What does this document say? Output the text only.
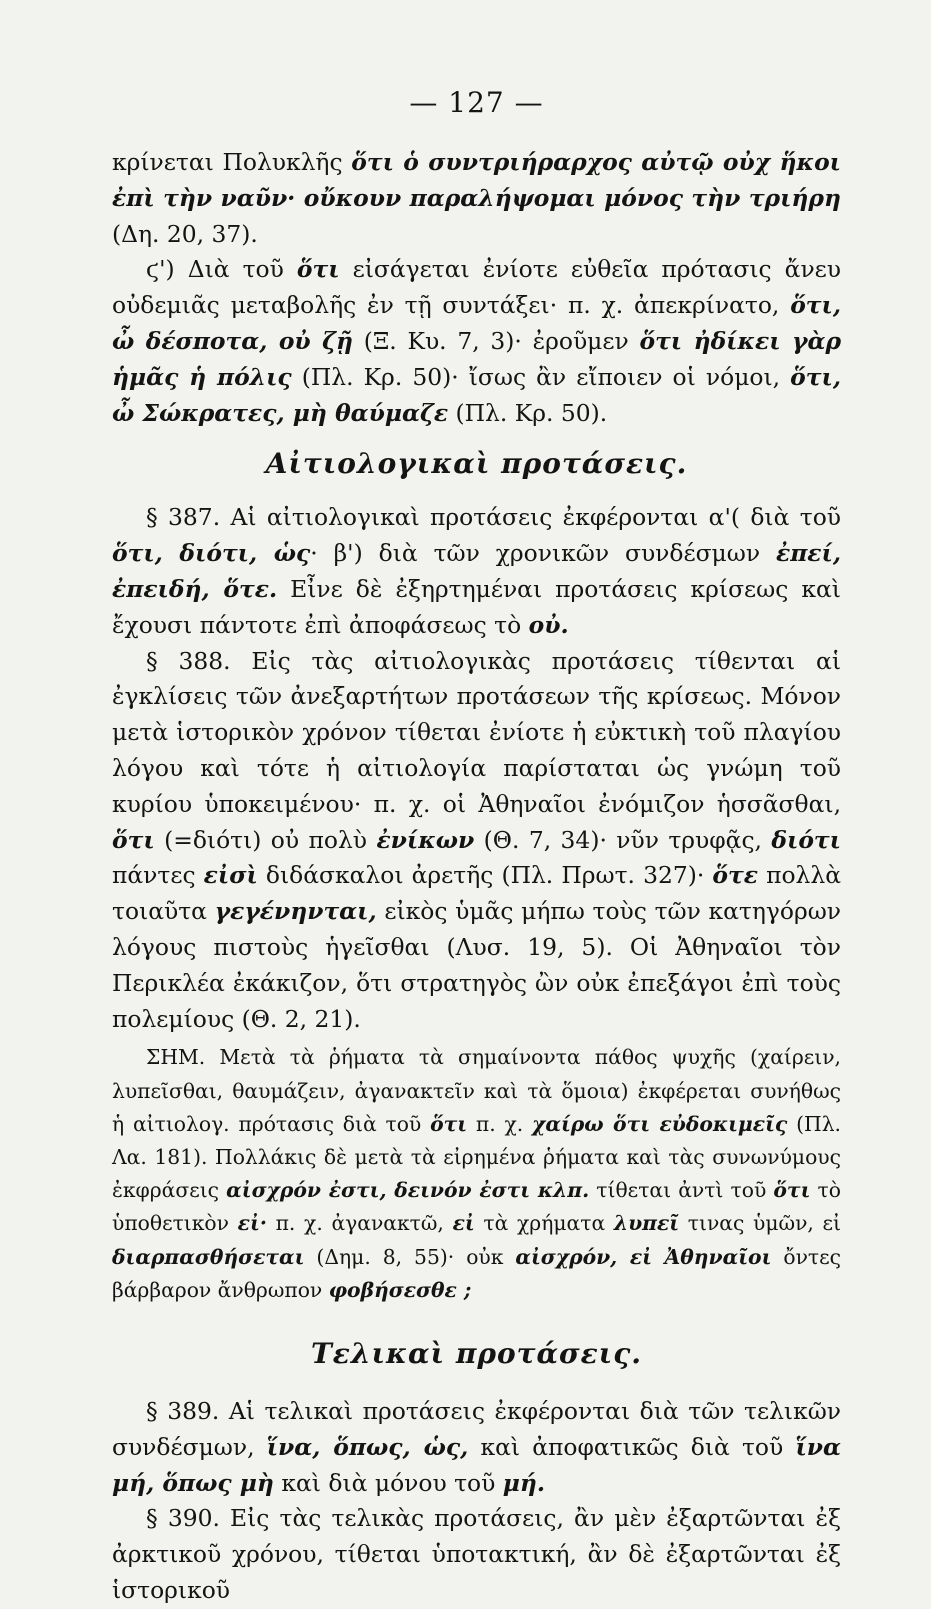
— 127 —

κρίνεται Πολυκλῆς ὅτι ὁ συντριήραρχος αὐτῷ οὐχ ἥκοι ἐπὶ τὴν ναῦν· οὔκουν παραλήψομαι μόνος τὴν τριήρη (Δη. 20, 37).

ϛ') Διὰ τοῦ ὅτι εἰσάγεται ἐνίοτε εὐθεῖα πρότασις ἄνευ οὐδεμιᾶς μεταβολῆς ἐν τῇ συντάξει· π. χ. ἀπεκρίνατο, ὅτι, ὦ δέσποτα, οὐ ζῇ (Ξ. Κυ. 7, 3)· ἐροῦμεν ὅτι ἠδίκει γὰρ ἡμᾶς ἡ πόλις (Πλ. Κρ. 50)· ἴσως ἂν εἴποιεν οἱ νόμοι, ὅτι, ὦ Σώκρατες, μὴ θαύμαζε (Πλ. Κρ. 50).

Αἰτιολογικαὶ προτάσεις.

§ 387. Αἱ αἰτιολογικαὶ προτάσεις ἐκφέρονται α'( διὰ τοῦ ὅτι, διότι, ὡς· β') διὰ τῶν χρονικῶν συνδέσμων ἐπεί, ἐπειδή, ὅτε. Εἶνε δὲ ἐξηρτημέναι προτάσεις κρίσεως καὶ ἔχουσι πάντοτε ἐπὶ ἀποφάσεως τὸ οὐ.

§ 388. Εἰς τὰς αἰτιολογικὰς προτάσεις τίθενται αἱ ἐγκλίσεις τῶν ἀνεξαρτήτων προτάσεων τῆς κρίσεως. Μόνον μετὰ ἱστορικὸν χρόνον τίθεται ἐνίοτε ἡ εὐκτικὴ τοῦ πλαγίου λόγου καὶ τότε ἡ αἰτιολογία παρίσταται ὡς γνώμη τοῦ κυρίου ὑποκειμένου· π. χ. οἱ Ἀθηναῖοι ἐνόμιζον ἡσσᾶσθαι, ὅτι (=διότι) οὐ πολὺ ἐνίκων (Θ. 7, 34)· νῦν τρυφᾷς, διότι πάντες εἰσὶ διδάσκαλοι ἀρετῆς (Πλ. Πρωτ. 327)· ὅτε πολλὰ τοιαῦτα γεγένηνται, εἰκὸς ὑμᾶς μήπω τοὺς τῶν κατηγόρων λόγους πιστοὺς ἡγεῖσθαι (Λυσ. 19, 5). Οἱ Ἀθηναῖοι τὸν Περικλέα ἐκάκιζον, ὅτι στρατηγὸς ὢν οὐκ ἐπεξάγοι ἐπὶ τοὺς πολεμίους (Θ. 2, 21).

ΣΗΜ. Μετὰ τὰ ῥήματα τὰ σημαίνοντα πάθος ψυχῆς (χαίρειν, λυπεῖσθαι, θαυμάζειν, ἀγανακτεῖν καὶ τὰ ὅμοια) ἐκφέρεται συνήθως ἡ αἰτιολογ. πρότασις διὰ τοῦ ὅτι π. χ. χαίρω ὅτι εὐδοκιμεῖς (Πλ. Λα. 181). Πολλάκις δὲ μετὰ τὰ εἰρημένα ῥήματα καὶ τὰς συνωνύμους ἐκφράσεις αἰσχρόν ἐστι, δεινόν ἐστι κλπ. τίθεται ἀντὶ τοῦ ὅτι τὸ ὑποθετικὸν εἰ· π. χ. ἀγανακτῶ, εἰ τὰ χρήματα λυπεῖ τινας ὑμῶν, εἰ διαρπασθήσεται (Δημ. 8, 55)· οὐκ αἰσχρόν, εἰ Ἀθηναῖοι ὄντες βάρβαρον ἄνθρωπον φοβήσεσθε ;

Τελικαὶ προτάσεις.

§ 389. Αἱ τελικαὶ προτάσεις ἐκφέρονται διὰ τῶν τελικῶν συνδέσμων, ἵνα, ὅπως, ὡς, καὶ ἀποφατικῶς διὰ τοῦ ἵνα μή, ὅπως μὴ καὶ διὰ μόνου τοῦ μή.

§ 390. Εἰς τὰς τελικὰς προτάσεις, ἂν μὲν ἐξαρτῶνται ἐξ ἀρκτικοῦ χρόνου, τίθεται ὑποτακτική, ἂν δὲ ἐξαρτῶνται ἐξ ἱστορικοῦ
